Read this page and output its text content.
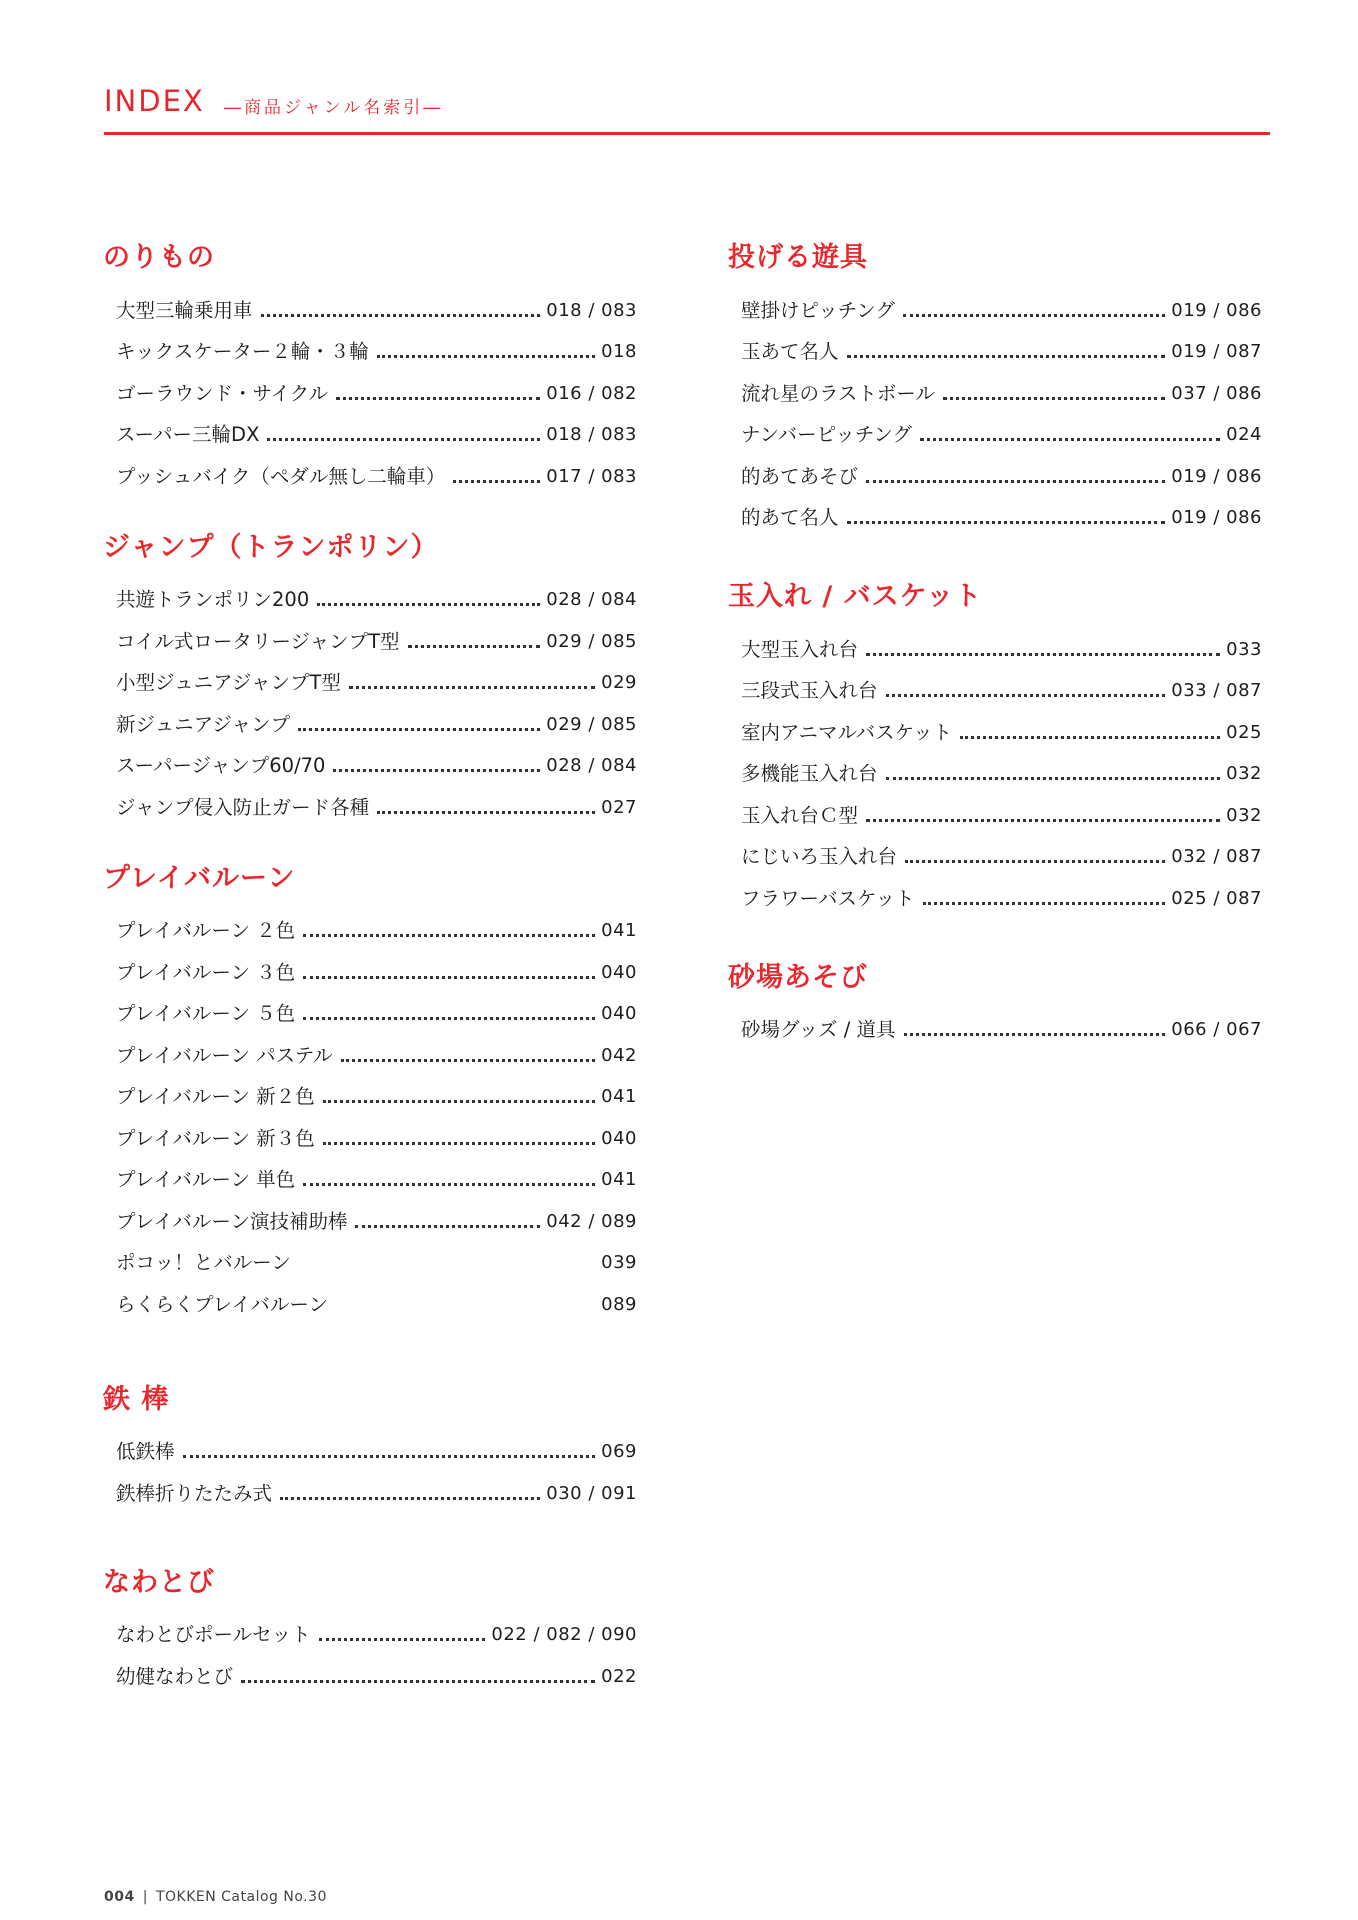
INDEX ―商品ジャンル名索引―
のりもの
大型三輪乗用車	018 / 083
キックスケーター２輪・３輪	018
ゴーラウンド・サイクル	016 / 082
スーパー三輪DX	018 / 083
プッシュバイク（ペダル無し二輪車）	017 / 083
ジャンプ（トランポリン）
共遊トランポリン200	028 / 084
コイル式ロータリージャンプT型	029 / 085
小型ジュニアジャンプT型	029
新ジュニアジャンプ	029 / 085
スーパージャンプ60/70	028 / 084
ジャンプ侵入防止ガード各種	027
プレイバルーン
プレイバルーン ２色	041
プレイバルーン ３色	040
プレイバルーン ５色	040
プレイバルーン パステル	042
プレイバルーン 新２色	041
プレイバルーン 新３色	040
プレイバルーン 単色	041
プレイバルーン演技補助棒	042 / 089
ポコッ！とバルーン	039
らくらくプレイバルーン	089
鉄 棒
低鉄棒	069
鉄棒折りたたみ式	030 / 091
なわとび
なわとびポールセット	022 / 082 / 090
幼健なわとび	022
投げる遊具
壁掛けピッチング	019 / 086
玉あて名人	019 / 087
流れ星のラストボール	037 / 086
ナンバーピッチング	024
的あてあそび	019 / 086
的あて名人	019 / 086
玉入れ / バスケット
大型玉入れ台	033
三段式玉入れ台	033 / 087
室内アニマルバスケット	025
多機能玉入れ台	032
玉入れ台Ｃ型	032
にじいろ玉入れ台	032 / 087
フラワーバスケット	025 / 087
砂場あそび
砂場グッズ / 道具	066 / 067
004 | TOKKEN Catalog No.30
